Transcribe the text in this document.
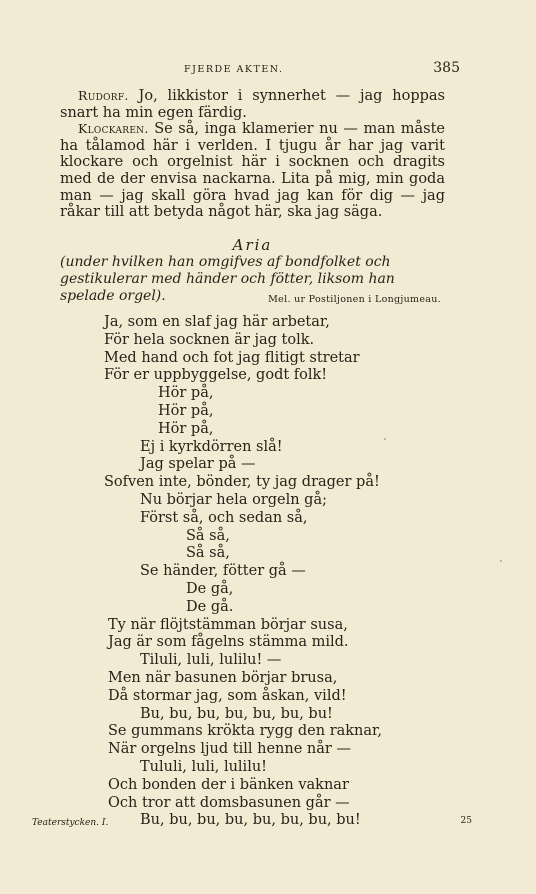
FJERDE AKTEN.	385

Rudorf. Jo, likkistor i synnerhet — jag hoppas snart ha min egen färdig.

Klockaren. Se så, inga klamerier nu — man måste ha tålamod här i verlden. I tjugu år har jag varit klockare och orgelnist här i socknen och dragits med de der envisa nackarna. Lita på mig, min goda man — jag skall göra hvad jag kan för dig — jag råkar till att betyda något här, ska jag säga.

Aria
(under hvilken han omgifves af bondfolket och gestikulerar med händer och fötter, liksom han spelade orgel).	Mel. ur Postiljonen i Longjumeau.
Ja, som en slaf jag här arbetar,
För hela socknen är jag tolk.
Med hand och fot jag flitigt stretar
För er uppbyggelse, godt folk!
Hör på,
Hör på,
Hör på,
Ej i kyrkdörren slå!
Jag spelar på —
Sofven inte, bönder, ty jag drager på!
Nu börjar hela orgeln gå;
Först så, och sedan så,
Så så,
Så så,
Se händer, fötter gå —
De gå,
De gå.
Ty när flöjtstämman börjar susa,
Jag är som fågelns stämma mild.
Tiluli, luli, lulilu! —
Men när basunen börjar brusa,
Då stormar jag, som åskan, vild!
Bu, bu, bu, bu, bu, bu, bu!
Se gummans krökta rygg den raknar,
När orgelns ljud till henne når —
Tululi, luli, lulilu!
Och bonden der i bänken vaknar
Och tror att domsbasunen går —
Bu, bu, bu, bu, bu, bu, bu, bu!
Teaterstycken. I.	25
